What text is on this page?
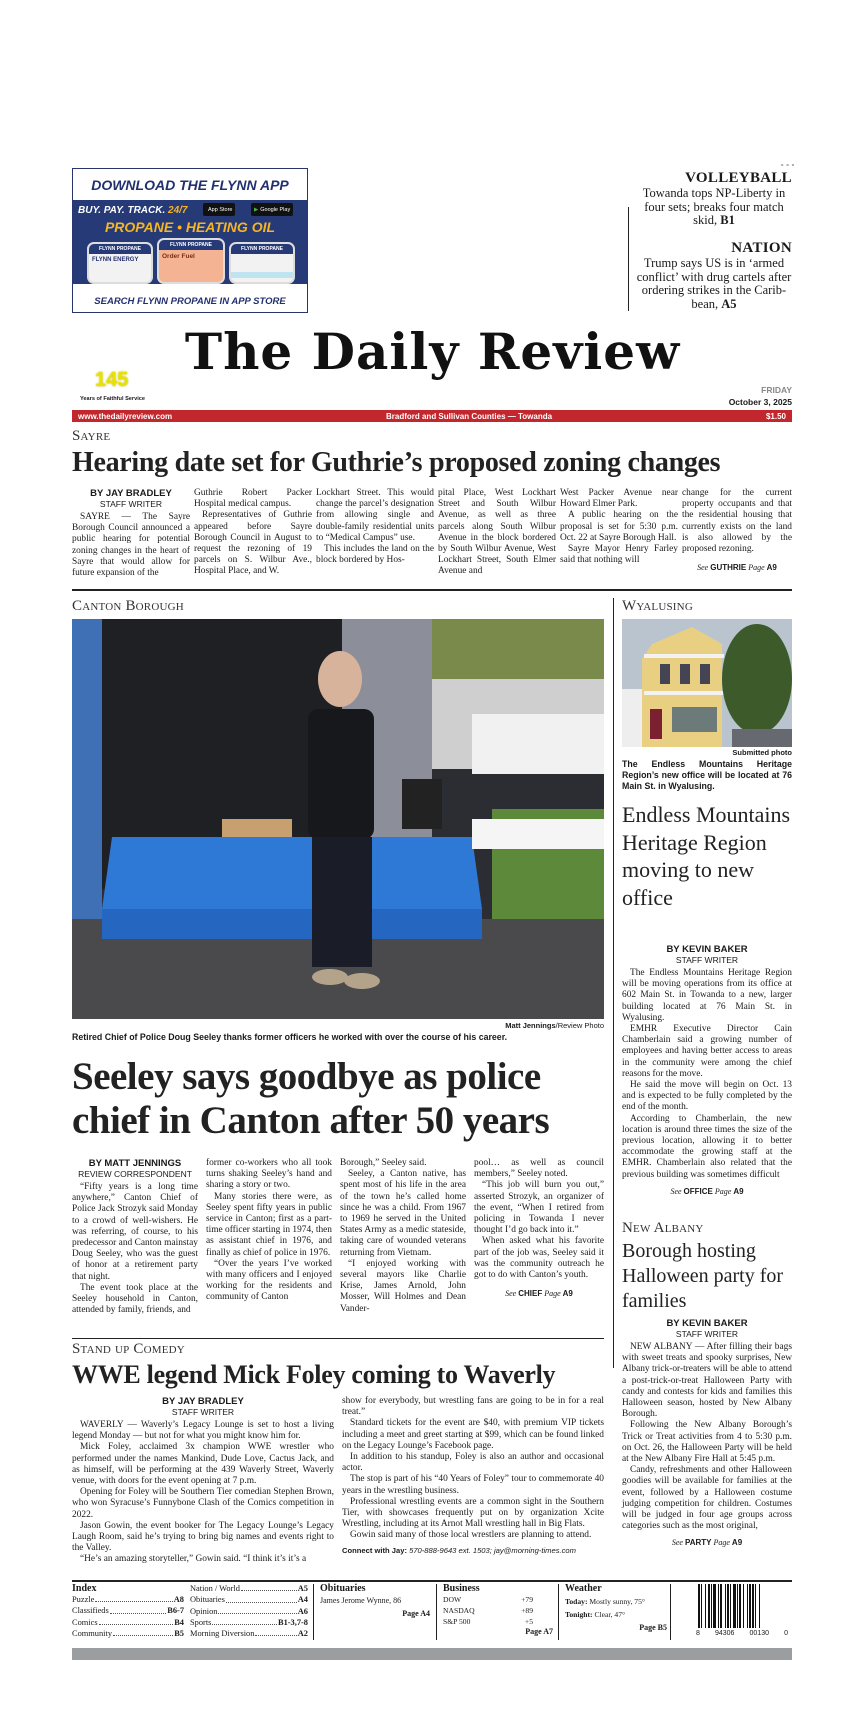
DOWNLOAD THE FLYNN APP
BUY. PAY. TRACK. 24/7	App Store	▶ Google Play
PROPANE • HEATING OIL
FLYNN PROPANE
FLYNN ENERGY
FLYNN PROPANE
Order Fuel
FLYNN PROPANE
SEARCH FLYNN PROPANE IN APP STORE
∘∘∘
VOLLEYBALL

Towanda tops NP-Liberty in four sets; breaks four match skid, B1

NATION

Trump says US is in ‘armed conflict’ with drug cartels after ordering strikes in the Carib-bean, A5

The Daily Review
145
Years of Faithful Service
FRIDAY
October 3, 2025
www.thedailyreview.com	Bradford and Sullivan Counties — Towanda	$1.50
Sayre
Hearing date set for Guthrie’s proposed zoning changes
BY JAY BRADLEY
STAFF WRITER

SAYRE — The Sayre Borough Council announced a public hearing for potential zoning changes in the heart of Sayre that would allow for future expansion of the

Guthrie Robert Packer Hospital medical campus.

Representatives of Guthrie appeared before Sayre Borough Council in August to request the rezoning of 19 parcels on S. Wilbur Ave., Hospital Place, and W.

Lockhart Street. This would change the parcel’s designation from allowing single and double-family residential units to “Medical Campus” use.

This includes the land on the block bordered by Hos-

pital Place, West Lockhart Street and South Wilbur Avenue, as well as three parcels along South Wilbur Avenue in the block bordered by South Wilbur Avenue, West Lockhart Street, South Elmer Avenue and

West Packer Avenue near Howard Elmer Park.

A public hearing on the proposal is set for 5:30 p.m. Oct. 22 at Sayre Borough Hall.

Sayre Mayor Henry Farley said that nothing will

change for the current property occupants and that the residential housing that currently exists on the land is also allowed by the proposed rezoning.

See GUTHRIE Page A9
Canton Borough
Matt Jennings/Review Photo
Retired Chief of Police Doug Seeley thanks former officers he worked with over the course of his career.
Seeley says goodbye as police chief in Canton after 50 years
BY MATT JENNINGS
REVIEW CORRESPONDENT

“Fifty years is a long time anywhere,” Canton Chief of Police Jack Strozyk said Monday to a crowd of well-wishers. He was referring, of course, to his predecessor and Canton mainstay Doug Seeley, who was the guest of honor at a retirement party that night.

The event took place at the Seeley household in Canton, attended by family, friends, and

former co-workers who all took turns shaking Seeley’s hand and sharing a story or two.

Many stories there were, as Seeley spent fifty years in public service in Canton; first as a part-time officer starting in 1974, then as assistant chief in 1976, and finally as chief of police in 1976.

“Over the years I’ve worked with many officers and I enjoyed working for the residents and community of Canton

Borough,” Seeley said.

Seeley, a Canton native, has spent most of his life in the area of the town he’s called home since he was a child. From 1967 to 1969 he served in the United States Army as a medic stateside, taking care of wounded veterans returning from Vietnam.

“I enjoyed working with several mayors like Charlie Krise, James Arnold, John Mosser, Will Holmes and Dean Vander-

pool… as well as council members,” Seeley noted.

“This job will burn you out,” asserted Strozyk, an organizer of the event, “When I retired from policing in Towanda I never thought I’d go back into it.”

When asked what his favorite part of the job was, Seeley said it was the community outreach he got to do with Canton’s youth.

See CHIEF Page A9
Wyalusing
Submitted photo
The Endless Mountains Heritage Region’s new office will be located at 76 Main St. in Wyalusing.
Endless Mountains Heritage Region moving to new office
BY KEVIN BAKER
STAFF WRITER

The Endless Mountains Heritage Region will be moving operations from its office at 602 Main St. in Towanda to a new, larger building located at 76 Main St. in Wyalusing.

EMHR Executive Director Cain Chamberlain said a growing number of employees and having better access to areas in the community were among the chief reasons for the move.

He said the move will begin on Oct. 13 and is expected to be fully completed by the end of the month.

According to Chamberlain, the new location is around three times the size of the previous location, allowing it to better accommodate the growing staff at the EMHR. Chamberlain also related that the previous building was sometimes difficult

See OFFICE Page A9
New Albany
Borough hosting Halloween party for families
BY KEVIN BAKER
STAFF WRITER

NEW ALBANY — After filling their bags with sweet treats and spooky surprises, New Albany trick-or-treaters will be able to attend a post-trick-or-treat Halloween Party with candy and contests for kids and families this Halloween season, hosted by New Albany Borough.

Following the New Albany Borough’s Trick or Treat activities from 4 to 5:30 p.m. on Oct. 26, the Halloween Party will be held at the New Albany Fire Hall at 5:45 p.m.

Candy, refreshments and other Halloween goodies will be available for families at the event, followed by a Halloween costume judging competition for children. Costumes will be judged in four age groups across categories such as the most original,

See PARTY Page A9
Stand up Comedy
WWE legend Mick Foley coming to Waverly
BY JAY BRADLEY
STAFF WRITER

WAVERLY — Waverly’s Legacy Lounge is set to host a living legend Monday — but not for what you might know him for.

Mick Foley, acclaimed 3x champion WWE wrestler who performed under the names Mankind, Dude Love, Cactus Jack, and as himself, will be performing at the 439 Waverly Street, Waverly venue, with doors for the event opening at 7 p.m.

Opening for Foley will be Southern Tier comedian Stephen Brown, who won Syracuse’s Funnybone Clash of the Comics competition in 2022.

Jason Gowin, the event booker for The Legacy Lounge’s Legacy Laugh Room, said he’s trying to bring big names and events right to the Valley.

“He’s an amazing storyteller,” Gowin said. “I think it’s it’s a

show for everybody, but wrestling fans are going to be in for a real treat.”

Standard tickets for the event are $40, with premium VIP tickets including a meet and greet starting at $99, which can be found linked on the Legacy Lounge’s Facebook page.

In addition to his standup, Foley is also an author and occasional actor.

The stop is part of his “40 Years of Foley” tour to commemorate 40 years in the wrestling business.

Professional wrestling events are a common sight in the Southern Tier, with showcases frequently put on by organization Xcite Wrestling, including at its Arnot Mall wrestling hall in Big Flats.

Gowin said many of those local wrestlers are planning to attend.

Connect with Jay: 570-888-9643 ext. 1503; jay@morning-times.com
Index
Puzzle	A8
Classifieds	B6-7
Comics	B4
Community	B5
Nation / World	A5
Obituaries	A4
Opinion	A6
Sports	B1-3,7-8
Morning Diversion	A2
Obituaries
James Jerome Wynne, 86
Page A4
Business
DOW	+79
NASDAQ	+89
S&P 500	+5
Page A7
Weather
Today: Mostly sunny, 75°
Tonight: Clear, 47°
Page B5
8 94306 00130 0
